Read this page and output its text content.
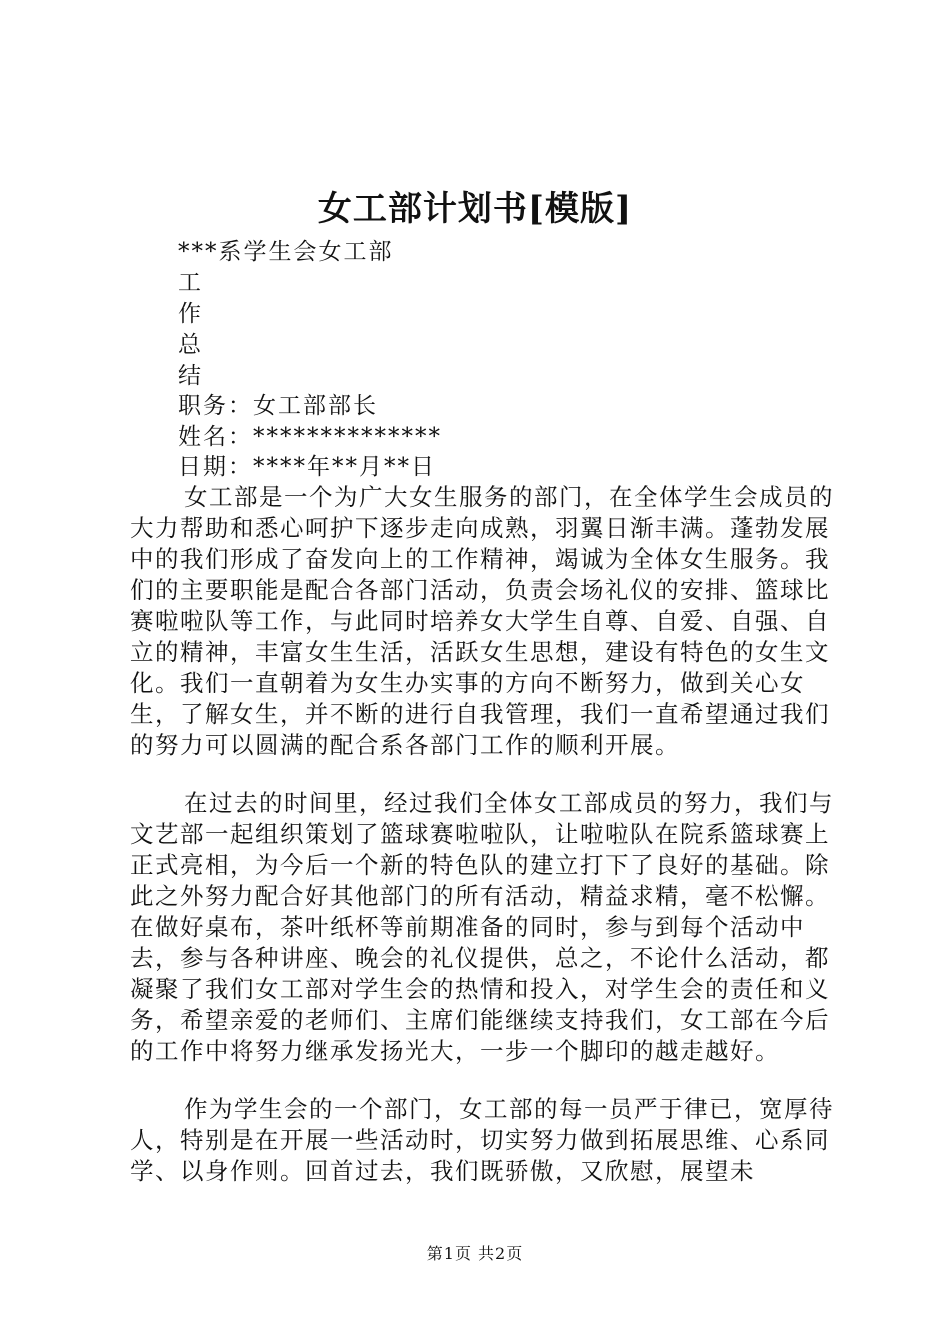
女工部计划书[模版]
***系学生会女工部
工
作
总
结
职务：女工部部长
姓名：**************
日期：****年**月**日

女工部是一个为广大女生服务的部门，在全体学生会成员的大力帮助和悉心呵护下逐步走向成熟，羽翼日渐丰满。蓬勃发展中的我们形成了奋发向上的工作精神，竭诚为全体女生服务。我们的主要职能是配合各部门活动，负责会场礼仪的安排、篮球比赛啦啦队等工作，与此同时培养女大学生自尊、自爱、自强、自立的精神，丰富女生生活，活跃女生思想，建设有特色的女生文化。我们一直朝着为女生办实事的方向不断努力，做到关心女生，了解女生，并不断的进行自我管理，我们一直希望通过我们的努力可以圆满的配合系各部门工作的顺利开展。

在过去的时间里，经过我们全体女工部成员的努力，我们与文艺部一起组织策划了篮球赛啦啦队，让啦啦队在院系篮球赛上正式亮相，为今后一个新的特色队的建立打下了良好的基础。除此之外努力配合好其他部门的所有活动，精益求精，毫不松懈。在做好桌布，茶叶纸杯等前期准备的同时，参与到每个活动中去，参与各种讲座、晚会的礼仪提供，总之，不论什么活动，都凝聚了我们女工部对学生会的热情和投入，对学生会的责任和义务，希望亲爱的老师们、主席们能继续支持我们，女工部在今后的工作中将努力继承发扬光大，一步一个脚印的越走越好。

作为学生会的一个部门，女工部的每一员严于律已，宽厚待人，特别是在开展一些活动时，切实努力做到拓展思维、心系同学、以身作则。回首过去，我们既骄傲，又欣慰，展望未

第1页 共2页
